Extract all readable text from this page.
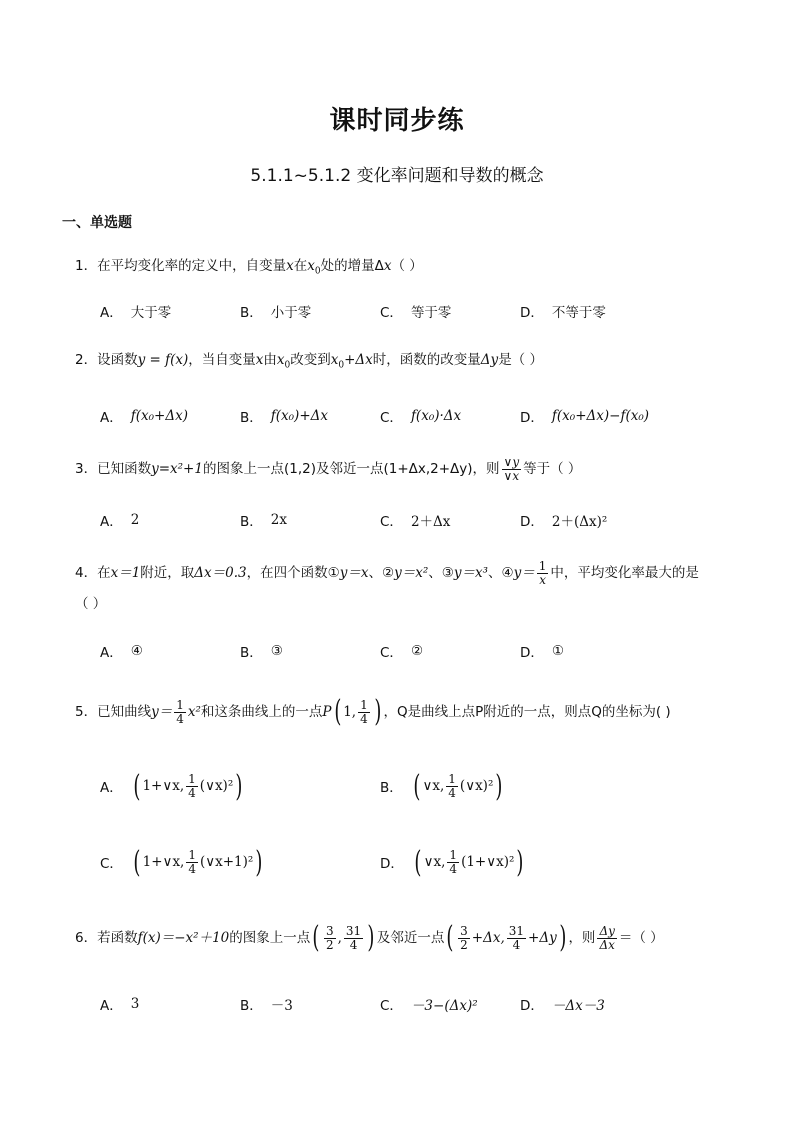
课时同步练
5.1.1~5.1.2 变化率问题和导数的概念
一、单选题
1．在平均变化率的定义中，自变量x在$x_0$处的增量Δx（ ）
A． 大于零	B． 小于零	C． 等于零	D． 不等于零
2．设函数y = f(x)，当自变量x由$x_0$改变到$x_0+\Delta x$时，函数的改变量Δy是（ ）
A． f(x₀+Δx)	B． f(x₀)+Δx	C． f(x₀)·Δx	D． f(x₀+Δx)−f(x₀)
3．已知函数y=x²+1的图象上一点(1,2)及邻近一点(1+Δx,2+Δy)，则 $\frac{\vee y}{\vee x}$ 等于（ ）
A． 2	B． 2x	C． 2＋Δx	D． 2＋(Δx)²
4．在x＝1附近，取Δx＝0.3，在四个函数①y＝x、②y＝x²、③y＝x³、④y＝ $\frac{1}{x}$ 中，平均变化率最大的是
（ ）
A． ④	B． ③	C． ②	D． ①
5．已知曲线 $y= \frac{1}{4} x^2$ 和这条曲线上的一点 P ( 1, $\frac{1}{4}$ ) ，Q是曲线上点P附近的一点，则点Q的坐标为( )
A． ( 1+∨x, $\frac{1}{4}$ (∨x)² )	B． ( ∨x, $\frac{1}{4}$ (∨x)² )
C． ( 1+∨x, $\frac{1}{4}$ (∨x+1)² )	D． ( ∨x, $\frac{1}{4}$ (1+∨x)² )
6．若函数 f(x)＝−x²＋10 的图象上一点 ( $\frac{3}{2}$ , $\frac{31}{4}$ ) 及邻近一点 ( $\frac{3}{2} +\Delta x$, $\frac{31}{4} +\Delta y$ ) ，则 $\frac{\Delta y}{\Delta x}$ ＝（ ）
A． 3	B． －3	C． －3−(Δx)²	D． －Δx－3
